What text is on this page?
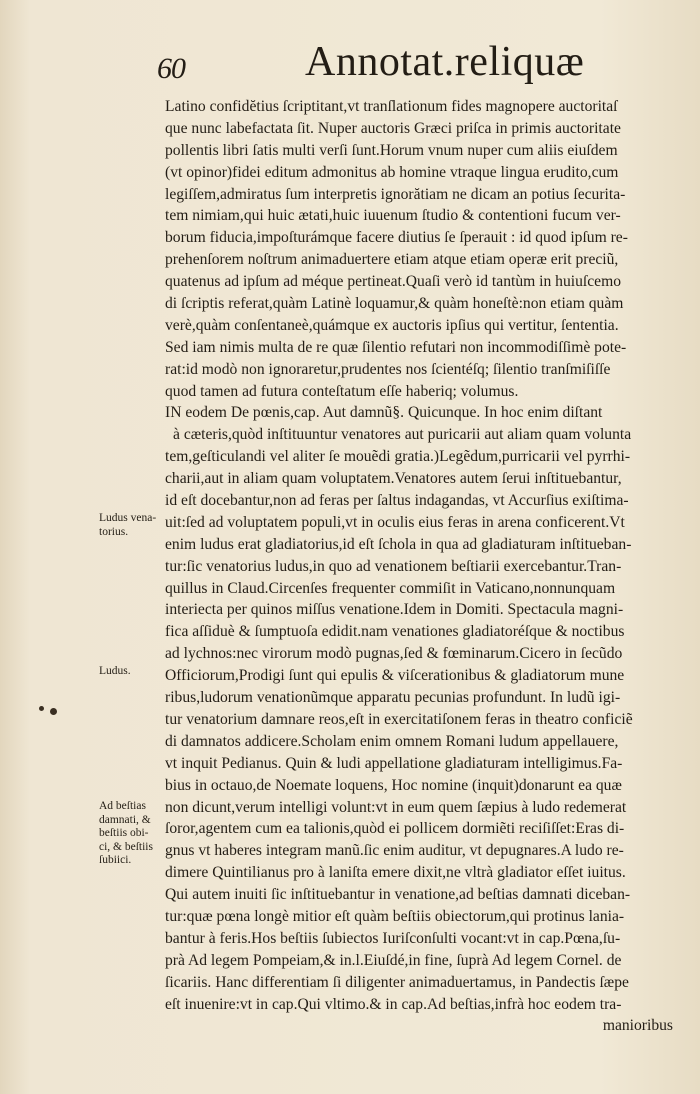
60	Annotat.reliquæ
Latino confidĕtius ſcriptitant,vt tranſlationum fides magnopere auctoritaſ
que nunc labefactata ſit. Nuper auctoris Græci priſca in primis auctoritate
pollentis libri ſatis multi verſi ſunt.Horum vnum nuper cum aliis eiuſdem
(vt opinor)fidei editum admonitus ab homine vtraque lingua erudito,cum
legiſſem,admiratus ſum interpretis ignorătiam ne dicam an potius ſecurita-
tem nimiam,qui huic ætati,huic iuuenum ſtudio & contentioni fucum ver-
borum fiducia,impoſturámque facere diutius ſe ſperauit : id quod ipſum re-
prehenſorem noſtrum animaduertere etiam atque etiam operæ erit preciũ,
quatenus ad ipſum ad méque pertineat.Quaſi verò id tantùm in huiuſcemo
di ſcriptis referat,quàm Latinè loquamur,& quàm honeſtè:non etiam quàm
verè,quàm conſentaneè,quámque ex auctoris ipſius qui vertitur, ſententia.
Sed iam nimis multa de re quæ ſilentio refutari non incommodiſſimè pote-
rat:id modò non ignoraretur,prudentes nos ſcientéſq; ſilentio tranſmiſiſſe
quod tamen ad futura conteſtatum eſſe haberiq; volumus.
IN eodem De pœnis,cap. Aut damnũ§. Quicunque. In hoc enim diſtant
à cæteris,quòd inſtituuntur venatores aut puricarii aut aliam quam volunta
tem,geſticulandi vel aliter ſe mouẽdi gratia.)Legẽdum,purricarii vel pyrrhi-
charii,aut in aliam quam voluptatem.Venatores autem ſerui inſtituebantur,
id eſt docebantur,non ad feras per ſaltus indagandas, vt Accurſius exiſtima-
uit:ſed ad voluptatem populi,vt in oculis eius feras in arena conficerent.Vt
enim ludus erat gladiatorius,id eſt ſchola in qua ad gladiaturam inſtitueban-
tur:ſic venatorius ludus,in quo ad venationem beſtiarii exercebantur.Tran-
quillus in Claud.Circenſes frequenter commiſit in Vaticano,nonnunquam
interiecta per quinos miſſus venatione.Idem in Domiti. Spectacula magni-
fica aſſiduè & ſumptuoſa edidit.nam venationes gladiatoréſque & noctibus
ad lychnos:nec virorum modò pugnas,ſed & fœminarum.Cicero in ſecũdo
Officiorum,Prodigi ſunt qui epulis & viſcerationibus & gladiatorum mune
ribus,ludorum venationũmque apparatu pecunias profundunt. In ludũ igi-
tur venatorium damnare reos,eſt in exercitatiſonem feras in theatro conficiẽ
di damnatos addicere.Scholam enim omnem Romani ludum appellauere,
vt inquit Pedianus. Quin & ludi appellatione gladiaturam intelligimus.Fa-
bius in octauo,de Noemate loquens, Hoc nomine (inquit)donarunt ea quæ
non dicunt,verum intelligi volunt:vt in eum quem ſæpius à ludo redemerat
ſoror,agentem cum ea talionis,quòd ei pollicem dormiẽti reciſiſſet:Eras di-
gnus vt haberes integram manũ.ſic enim auditur, vt depugnares.A ludo re-
dimere Quintilianus pro à laniſta emere dixit,ne vltrà gladiator eſſet iuitus.
Qui autem inuiti ſic inſtituebantur in venatione,ad beſtias damnati diceban-
tur:quæ pœna longè mitior eſt quàm beſtiis obiectorum,qui protinus lania-
bantur à feris.Hos beſtiis ſubiectos Iuriſconſulti vocant:vt in cap.Pœna,ſu-
prà Ad legem Pompeiam,& in.l.Eiuſdé,in fine, ſuprà Ad legem Cornel. de
ſicariis. Hanc differentiam ſi diligenter animaduertamus, in Pandectis ſæpe
eſt inuenire:vt in cap.Qui vltimo.& in cap.Ad beſtias,infrà hoc eodem tra-
manioribus
Ludus vena-
torius.
Ludus.
Ad beſtias
damnati, &
beſtiis obi-
ci, & beſtiis
ſubiici.
